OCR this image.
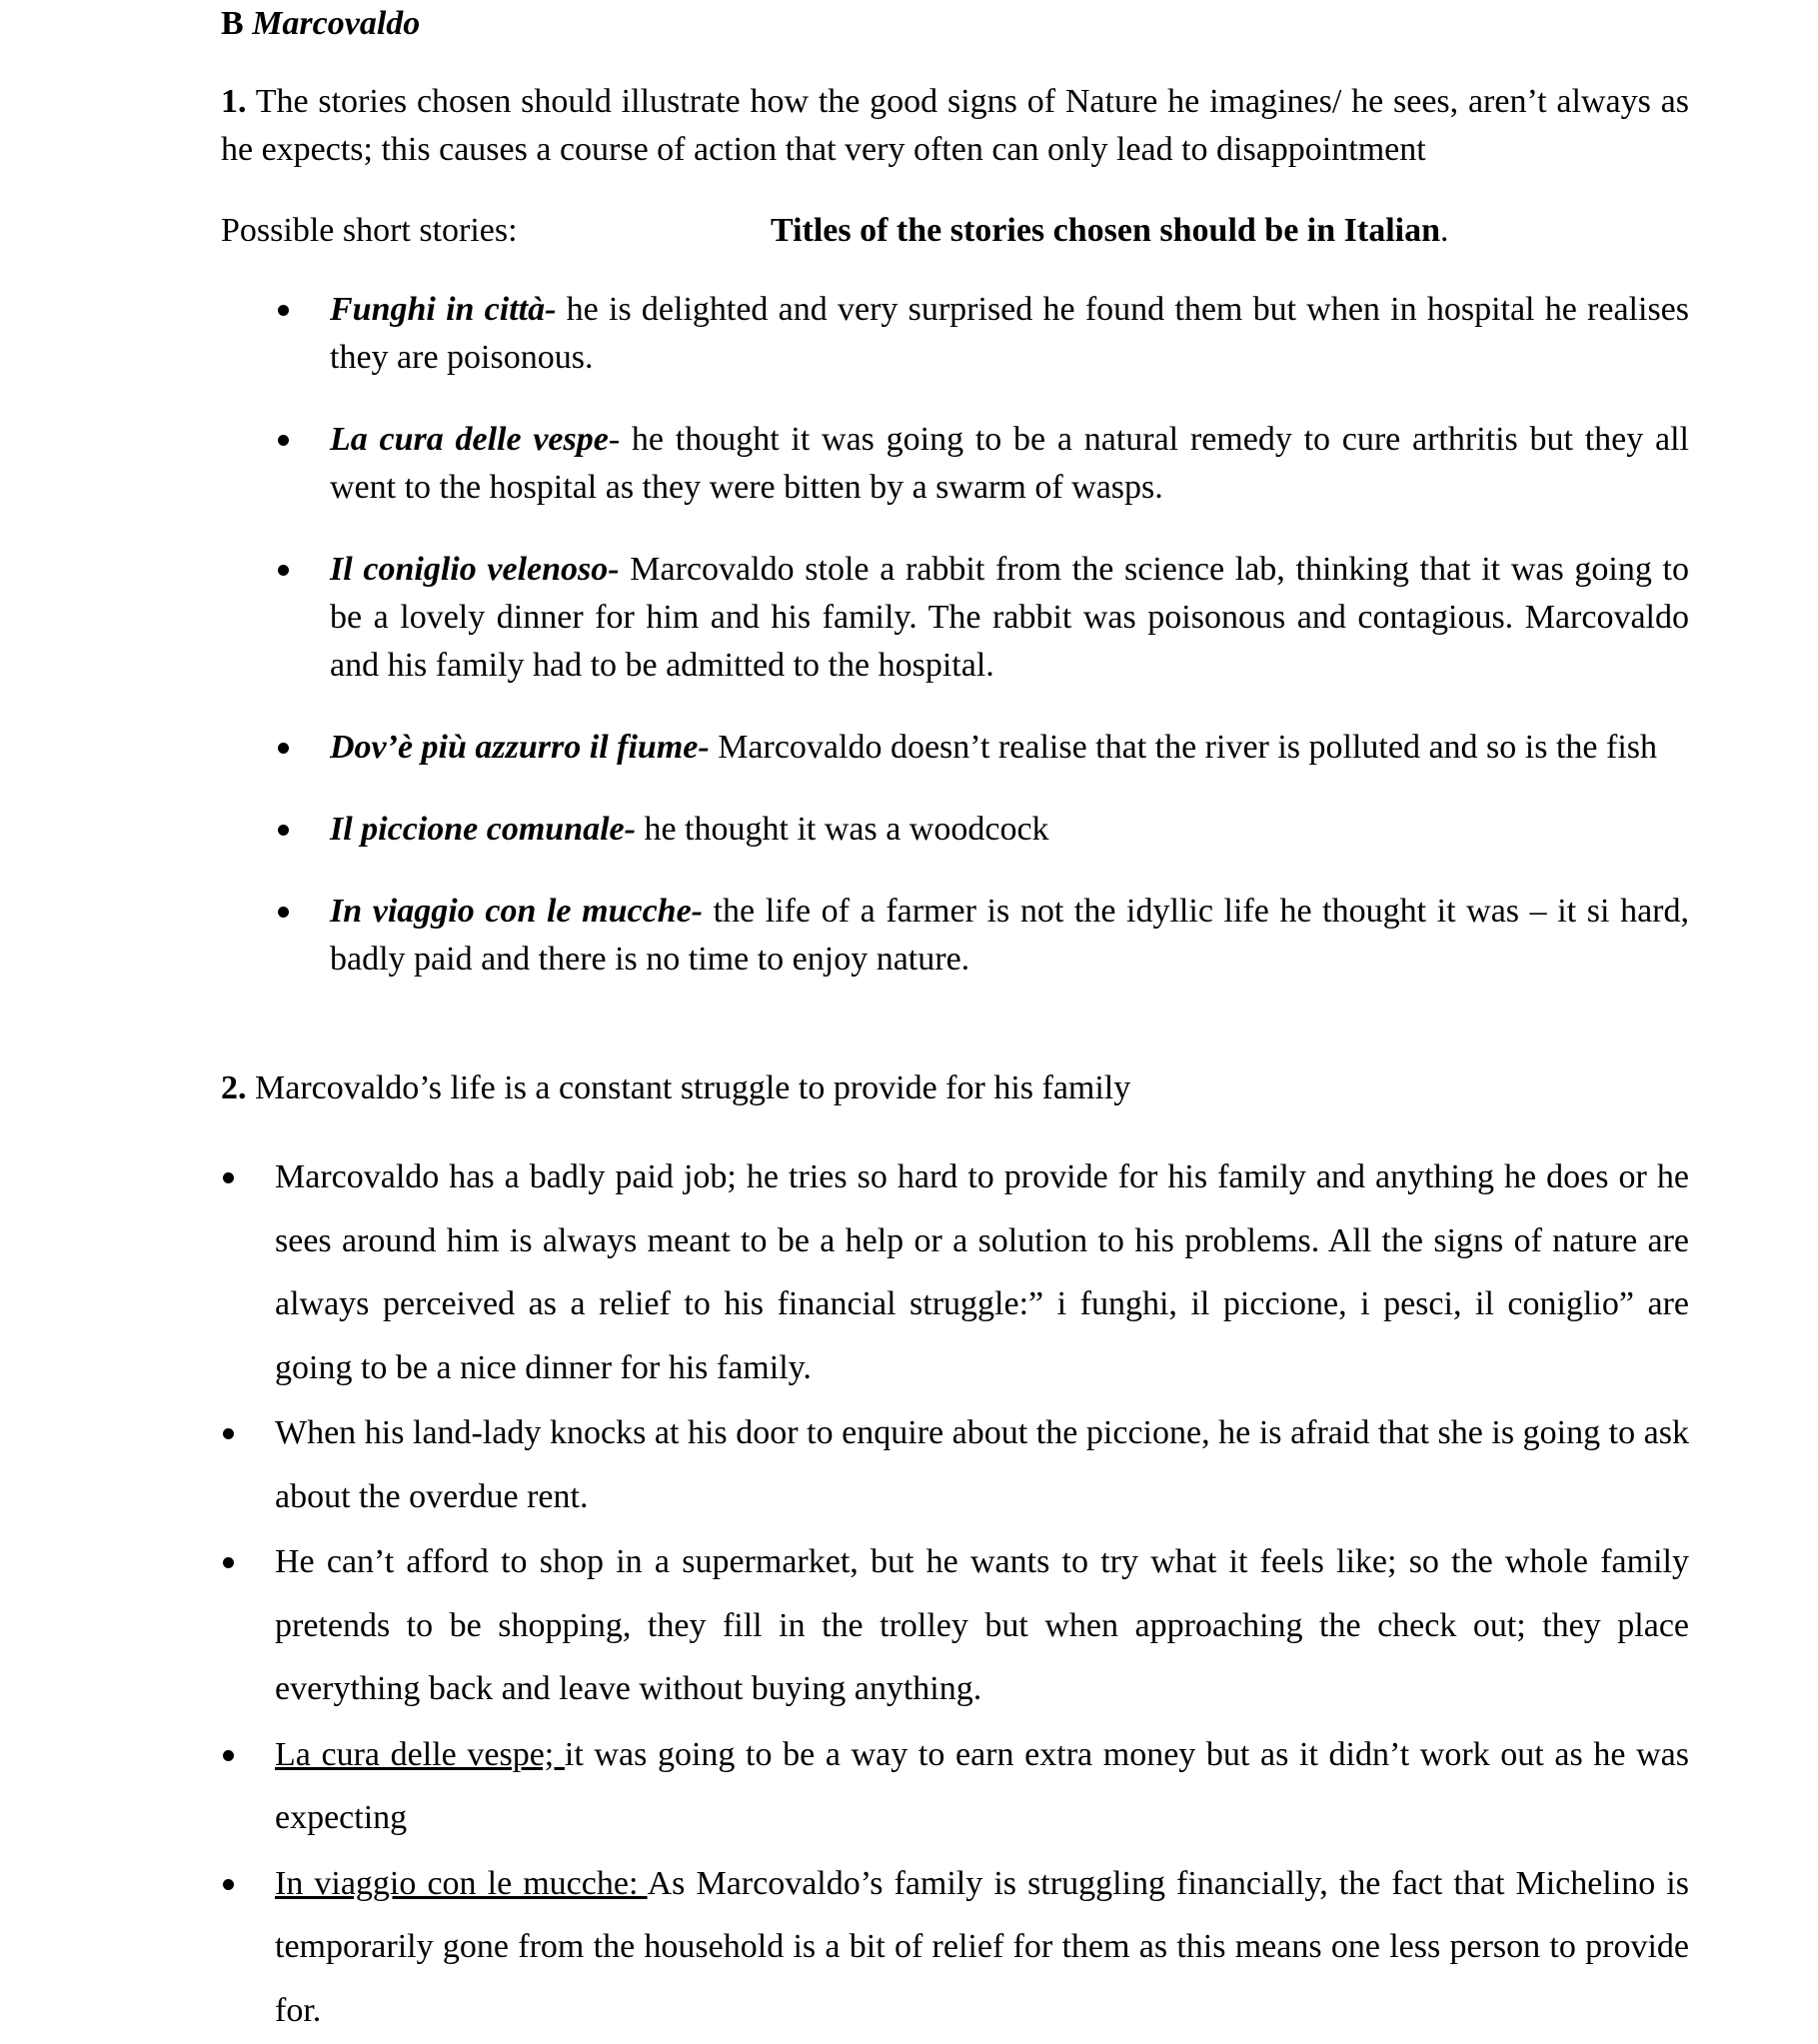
B Marcovaldo
1. The stories chosen should illustrate how the good signs of Nature he imagines/ he sees, aren’t always as he expects; this causes a course of action that very often can only lead to disappointment
Possible short stories:	Titles of the stories chosen should be in Italian.
Funghi in città- he is delighted and very surprised he found them but when in hospital he realises they are poisonous.
La cura delle vespe- he thought it was going to be a natural remedy to cure arthritis but they all went to the hospital as they were bitten by a swarm of wasps.
Il coniglio velenoso- Marcovaldo stole a rabbit from the science lab, thinking that it was going to be a lovely dinner for him and his family. The rabbit was poisonous and contagious. Marcovaldo and his family had to be admitted to the hospital.
Dov’è più azzurro il fiume- Marcovaldo doesn’t realise that the river is polluted and so is the fish
Il piccione comunale- he thought it was a woodcock
In viaggio con le mucche- the life of a farmer is not the idyllic life he thought it was – it si hard, badly paid and there is no time to enjoy nature.
2. Marcovaldo’s life is a constant struggle to provide for his family
Marcovaldo has a badly paid job; he tries so hard to provide for his family and anything he does or he sees around him is always meant to be a help or a solution to his problems. All the signs of nature are always perceived as a relief to his financial struggle:” i funghi, il piccione, i pesci, il coniglio” are going to be a nice dinner for his family.
When his land-lady knocks at his door to enquire about the piccione, he is afraid that she is going to ask about the overdue rent.
He can’t afford to shop in a supermarket, but he wants to try what it feels like; so the whole family pretends to be shopping, they fill in the trolley but when approaching the check out; they place everything back and leave without buying anything.
La cura delle vespe; it was going to be a way to earn extra money but as it didn’t work out as he was expecting
In viaggio con le mucche: As Marcovaldo’s family is struggling financially, the fact that Michelino is temporarily gone from the household is a bit of relief for them as this means one less person to provide for.
